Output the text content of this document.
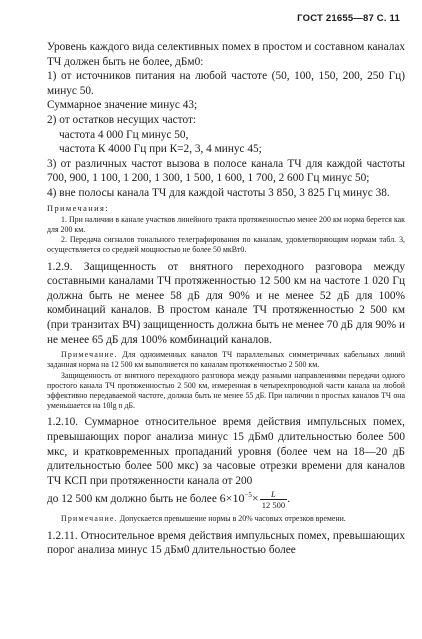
ГОСТ 21655—87 С. 11

Уровень каждого вида селективных помех в простом и составном каналах ТЧ должен быть не более, дБм0:

1) от источников питания на любой частоте (50, 100, 150, 200, 250 Гц) минус 50.

Суммарное значение минус 43;

2) от остатков несущих частот:

частота 4 000 Гц минус 50,

частота К 4000 Гц при К=2, 3, 4 минус 45;

3) от различных частот вызова в полосе канала ТЧ для каждой частоты 700, 900, 1 100, 1 200, 1 300, 1 500, 1 600, 1 700, 2 600 Гц минус 50;

4) вне полосы канала ТЧ для каждой частоты 3 850, 3 825 Гц минус 38.

Примечания:

1. При наличии в канале участков линейного тракта протяженностью менее 200 км норма берется как для 200 км.

2. Передача сигналов тонального телеграфирования по каналам, удовлетворяющим нормам табл. 3, осуществляется со средней мощностью не более 50 мкВт0.

1.2.9. Защищенность от внятного переходного разговора между составными каналами ТЧ протяженностью 12 500 км на частоте 1 020 Гц должна быть не менее 58 дБ для 90% и не менее 52 дБ для 100% комбинаций каналов. В простом канале ТЧ протяженностью 2 500 км (при транзитах ВЧ) защищенность должна быть не менее 70 дБ для 90% и не менее 65 дБ для 100% комбинаций каналов.

Примечание. Для одноименных каналов ТЧ параллельных симметричных кабельных линий заданная норма на 12 500 км выполняется по каналам протяженностью 2 500 км.

Защищенность от внятного переходного разговора между разными направлениями передачи одного простого канала ТЧ протяженностью 2 500 км, измеренная в четырехпроводной части канала на любой эффективно передаваемой частоте, должна быть не менее 55 дБ. При наличии n простых каналов ТЧ она уменьшается на 10lg n дБ.

1.2.10. Суммарное относительное время действия импульсных помех, превышающих порог анализа минус 15 дБм0 длительностью более 500 мкс, и кратковременных пропаданий уровня (более чем на 18—20 дБ длительностью более 500 мкс) за часовые отрезки времени для каналов ТЧ КСП при протяженности канала от 200

до 12 500 км должно быть не более $6\times 10^{-5}\times \frac{L}{12 500}$ .

Примечание. Допускается превышение нормы в 20% часовых отрезков времени.

1.2.11. Относительное время действия импульсных помех, превышающих порог анализа минус 15 дБм0 длительностью более
